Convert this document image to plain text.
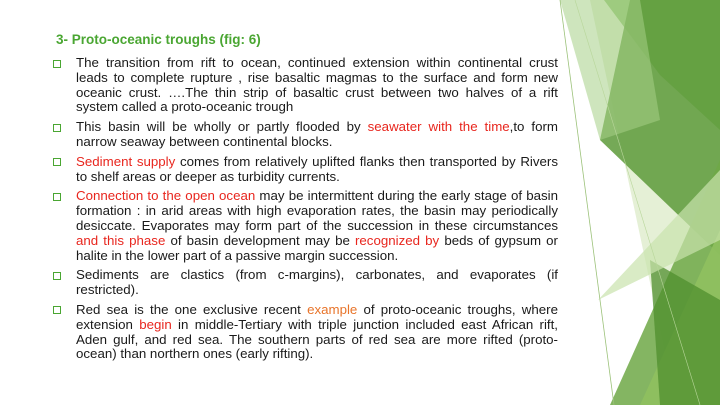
3- Proto-oceanic troughs (fig: 6)
The transition from rift to ocean, continued extension within continental crust leads to complete rupture , rise basaltic magmas to the surface and form new oceanic crust. ….The thin strip of basaltic crust between two halves of a rift system called a proto-oceanic trough
This basin will be wholly or partly flooded by seawater with the time,to form narrow seaway between continental blocks.
Sediment supply comes from relatively uplifted flanks then transported by Rivers to shelf areas or deeper as turbidity currents.
Connection to the open ocean may be intermittent during the early stage of basin formation : in arid areas with high evaporation rates, the basin may periodically desiccate. Evaporates may form part of the succession in these circumstances and this phase of basin development may be recognized by beds of gypsum or halite in the lower part of a passive margin succession.
Sediments are clastics (from c-margins), carbonates, and evaporates (if restricted).
Red sea is the one exclusive recent example of proto-oceanic troughs, where extension begin in middle-Tertiary with triple junction included east African rift, Aden gulf, and red sea. The southern parts of red sea are more rifted (proto-ocean) than northern ones (early rifting).
